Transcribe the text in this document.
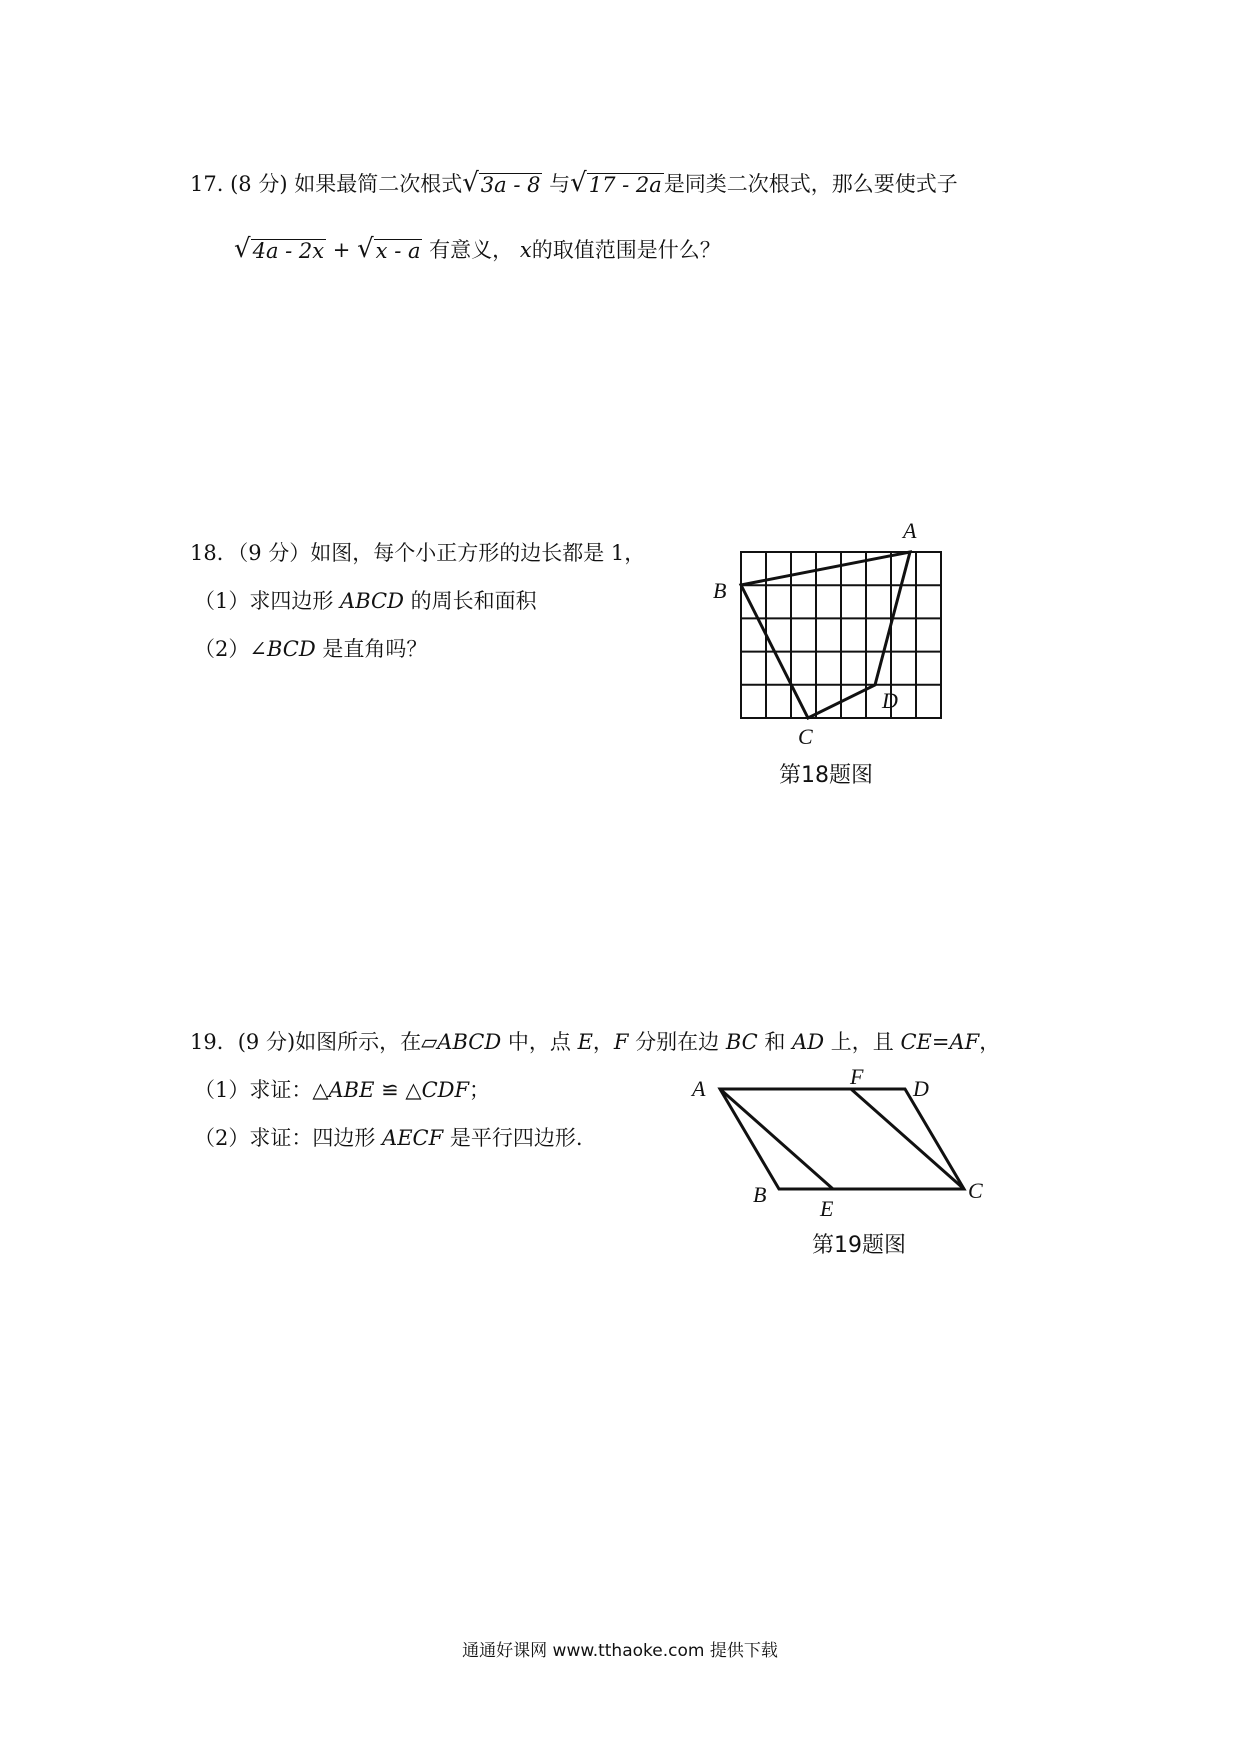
17. (8 分) 如果最简二次根式 √ 3a - 8 与 √ 17 - 2a 是同类二次根式，那么要使式子
√ 4a - 2x + √ x - a 有意义， x的取值范围是什么？
18．（9 分）如图，每个小正方形的边长都是 1，
（1）求四边形 ABCD 的周长和面积
（2）∠BCD 是直角吗？
A
B
C
D
第18题图
19．(9 分)如图所示，在▱ABCD 中，点 E，F 分别在边 BC 和 AD 上，且 CE=AF，
（1）求证：△ABE ≌ △CDF；
（2）求证：四边形 AECF 是平行四边形.
A	F D
B
E
C
第19题图
通通好课网 www.tthaoke.com 提供下载
